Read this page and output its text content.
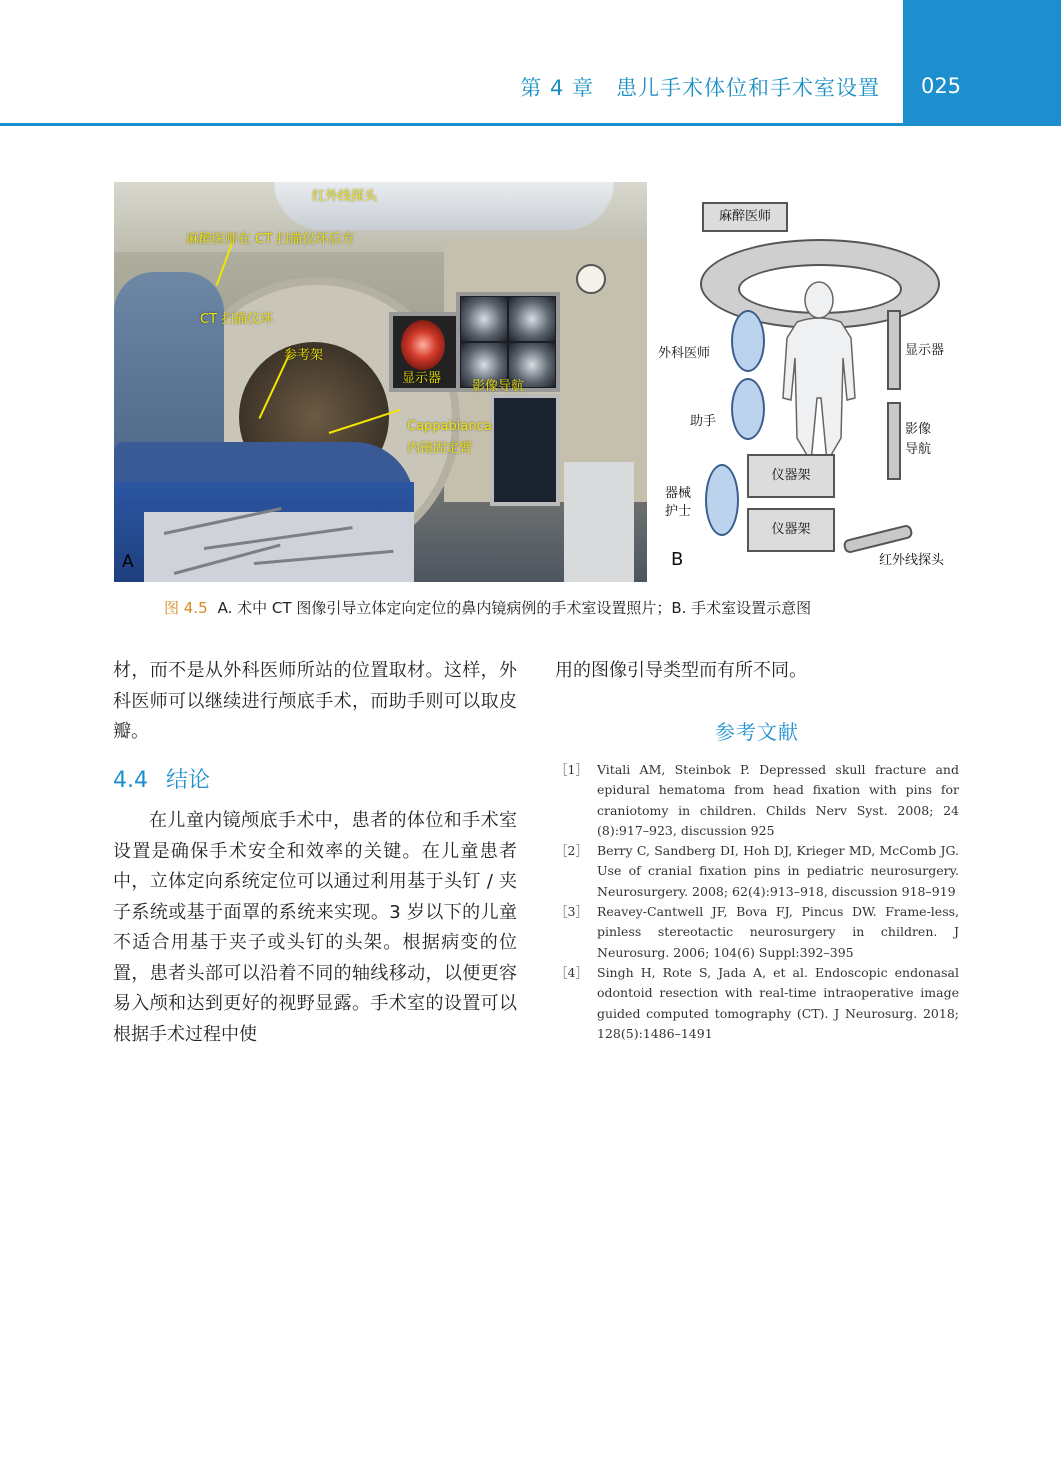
第 4 章　患儿手术体位和手术室设置	025
红外线探头
麻醉医师在 CT 扫描仪环后方
CT 扫描仪环
参考架
显示器
影像导航
Cappabianca
内镜固定臂
A
麻醉医师
仪器架
仪器架
外科医师
助手
器械
护士
显示器
影像
导航
红外线探头
B
图 4.5 A. 术中 CT 图像引导立体定向定位的鼻内镜病例的手术室设置照片；B. 手术室设置示意图

材，而不是从外科医师所站的位置取材。这样，外科医师可以继续进行颅底手术，而助手则可以取皮瓣。

4.4 结论

在儿童内镜颅底手术中，患者的体位和手术室设置是确保手术安全和效率的关键。在儿童患者中，立体定向系统定位可以通过利用基于头钉 / 夹子系统或基于面罩的系统来实现。3 岁以下的儿童不适合用基于夹子或头钉的头架。根据病变的位置，患者头部可以沿着不同的轴线移动，以便更容易入颅和达到更好的视野显露。手术室的设置可以根据手术过程中使

用的图像引导类型而有所不同。

参考文献
［1］ Vitali AM, Steinbok P. Depressed skull fracture and epidural hematoma from head fixation with pins for craniotomy in children. Childs Nerv Syst. 2008; 24 (8):917–923, discussion 925
［2］ Berry C, Sandberg DI, Hoh DJ, Krieger MD, McComb JG. Use of cranial fixation pins in pediatric neurosurgery. Neurosurgery. 2008; 62(4):913–918, discussion 918–919
［3］ Reavey-Cantwell JF, Bova FJ, Pincus DW. Frame-less, pinless stereotactic neurosurgery in children. J Neurosurg. 2006; 104(6) Suppl:392–395
［4］ Singh H, Rote S, Jada A, et al. Endoscopic endonasal odontoid resection with real-time intraoperative image guided computed tomography (CT). J Neurosurg. 2018; 128(5):1486–1491
